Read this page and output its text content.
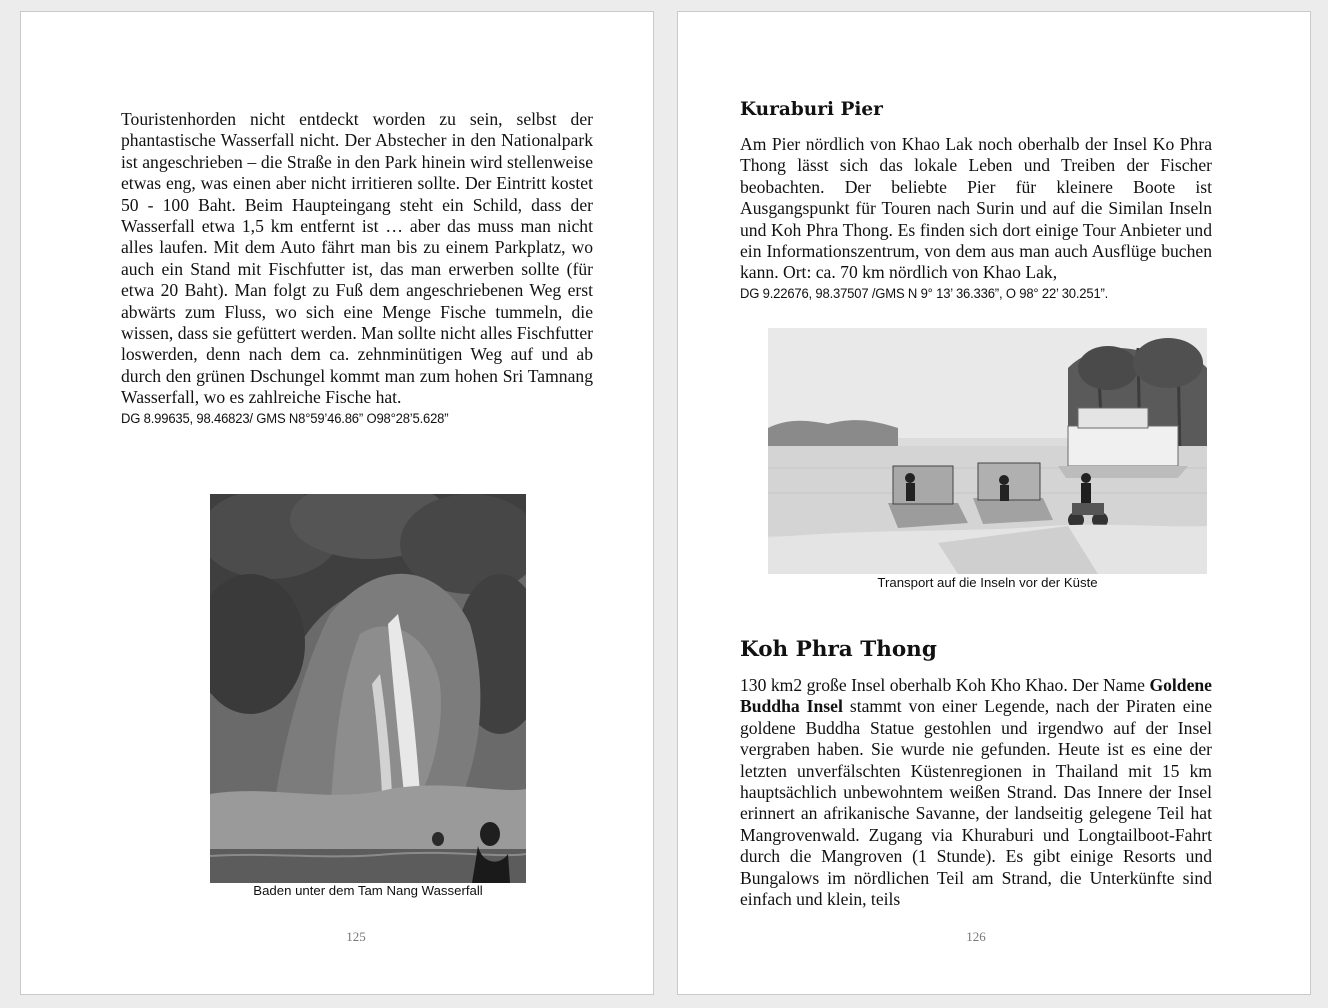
Touristenhorden nicht entdeckt worden zu sein, selbst der phantastische Wasserfall nicht. Der Abstecher in den Nationalpark ist angeschrieben – die Straße in den Park hinein wird stellenweise etwas eng, was einen aber nicht irritieren sollte. Der Eintritt kostet 50 - 100 Baht. Beim Haupteingang steht ein Schild, dass der Wasserfall etwa 1,5 km entfernt ist … aber das muss man nicht alles laufen. Mit dem Auto fährt man bis zu einem Parkplatz, wo auch ein Stand mit Fischfutter ist, das man erwerben sollte (für etwa 20 Baht). Man folgt zu Fuß dem angeschriebenen Weg erst abwärts zum Fluss, wo sich eine Menge Fische tummeln, die wissen, dass sie gefüttert werden. Man sollte nicht alles Fischfutter loswerden, denn nach dem ca. zehnminütigen Weg auf und ab durch den grünen Dschungel kommt man zum hohen Sri Tamnang Wasserfall, wo es zahlreiche Fische hat.
DG 8.99635, 98.46823/ GMS N8°59’46.86” O98°28’5.628”

Baden unter dem Tam Nang Wasserfall

125
Kuraburi Pier

Am Pier nördlich von Khao Lak noch oberhalb der Insel Ko Phra Thong lässt sich das lokale Leben und Treiben der Fischer beobachten. Der beliebte Pier für kleinere Boote ist Ausgangspunkt für Touren nach Surin und auf die Similan Inseln und Koh Phra Thong. Es finden sich dort einige Tour Anbieter und ein Informationszentrum, von dem aus man auch Ausflüge buchen kann. Ort: ca. 70 km nördlich von Khao Lak,
DG 9.22676, 98.37507 /GMS N 9° 13’ 36.336”, O 98° 22’ 30.251”.

Transport auf die Inseln vor der Küste

Koh Phra Thong

130 km2 große Insel oberhalb Koh Kho Khao. Der Name Goldene Buddha Insel stammt von einer Legende, nach der Piraten eine goldene Buddha Statue gestohlen und irgendwo auf der Insel vergraben haben. Sie wurde nie gefunden. Heute ist es eine der letzten unverfälschten Küstenregionen in Thailand mit 15 km hauptsächlich unbewohntem weißen Strand. Das Innere der Insel erinnert an afrikanische Savanne, der landseitig gelegene Teil hat Mangrovenwald. Zugang via Khuraburi und Longtailboot-Fahrt durch die Mangroven (1 Stunde). Es gibt einige Resorts und Bungalows im nördlichen Teil am Strand, die Unterkünfte sind einfach und klein, teils

126
